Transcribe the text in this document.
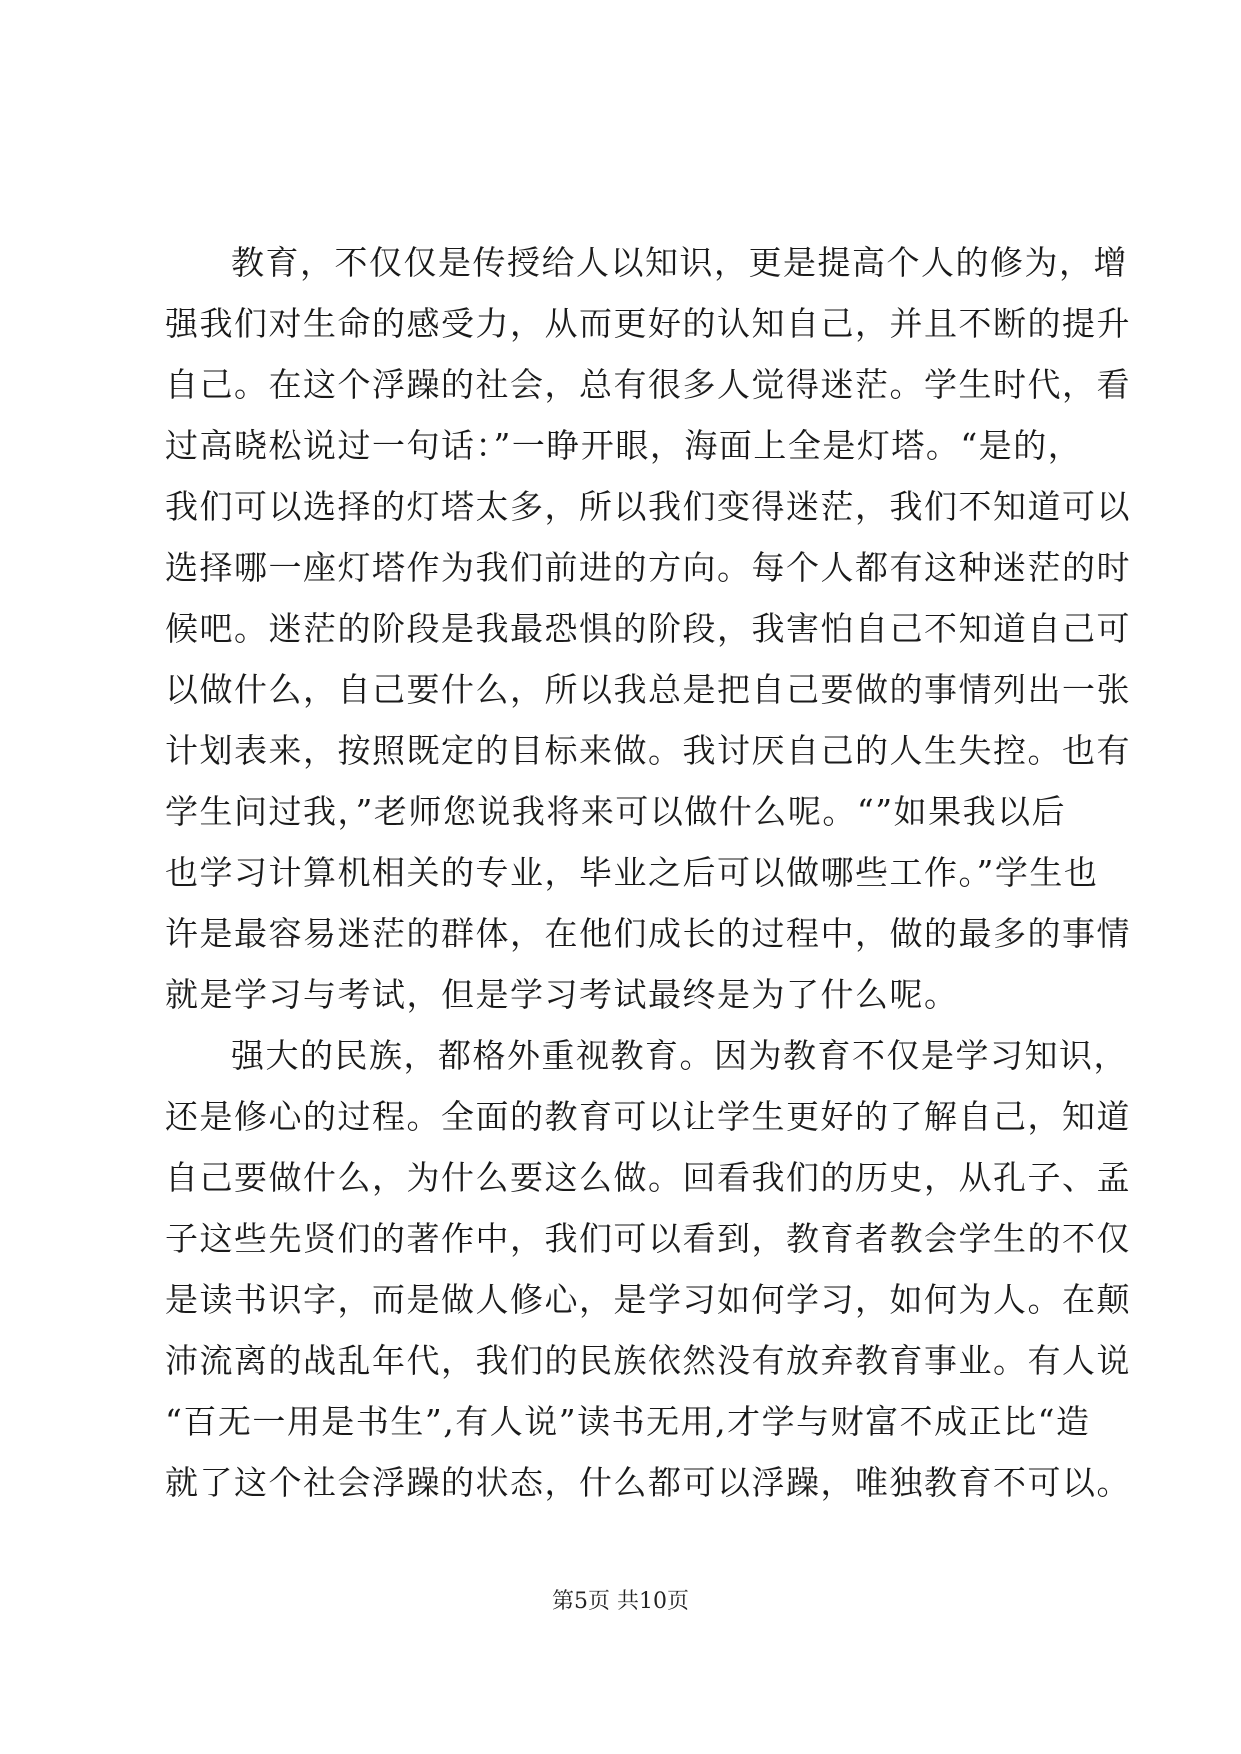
教育，不仅仅是传授给人以知识，更是提高个人的修为，增
强我们对生命的感受力，从而更好的认知自己，并且不断的提升
自己。在这个浮躁的社会，总有很多人觉得迷茫。学生时代，看
过高晓松说过一句话：”一睁开眼，海面上全是灯塔。“是的，
我们可以选择的灯塔太多，所以我们变得迷茫，我们不知道可以
选择哪一座灯塔作为我们前进的方向。每个人都有这种迷茫的时
候吧。迷茫的阶段是我最恐惧的阶段，我害怕自己不知道自己可
以做什么，自己要什么，所以我总是把自己要做的事情列出一张
计划表来，按照既定的目标来做。我讨厌自己的人生失控。也有
学生问过我，”老师您说我将来可以做什么呢。“”如果我以后
也学习计算机相关的专业，毕业之后可以做哪些工作。”学生也
许是最容易迷茫的群体，在他们成长的过程中，做的最多的事情
就是学习与考试，但是学习考试最终是为了什么呢。
强大的民族，都格外重视教育。因为教育不仅是学习知识，
还是修心的过程。全面的教育可以让学生更好的了解自己，知道
自己要做什么，为什么要这么做。回看我们的历史，从孔子、孟
子这些先贤们的著作中，我们可以看到，教育者教会学生的不仅
是读书识字，而是做人修心，是学习如何学习，如何为人。在颠
沛流离的战乱年代，我们的民族依然没有放弃教育事业。有人说
“百无一用是书生”,有人说”读书无用,才学与财富不成正比“造
就了这个社会浮躁的状态，什么都可以浮躁，唯独教育不可以。
第5页 共10页
